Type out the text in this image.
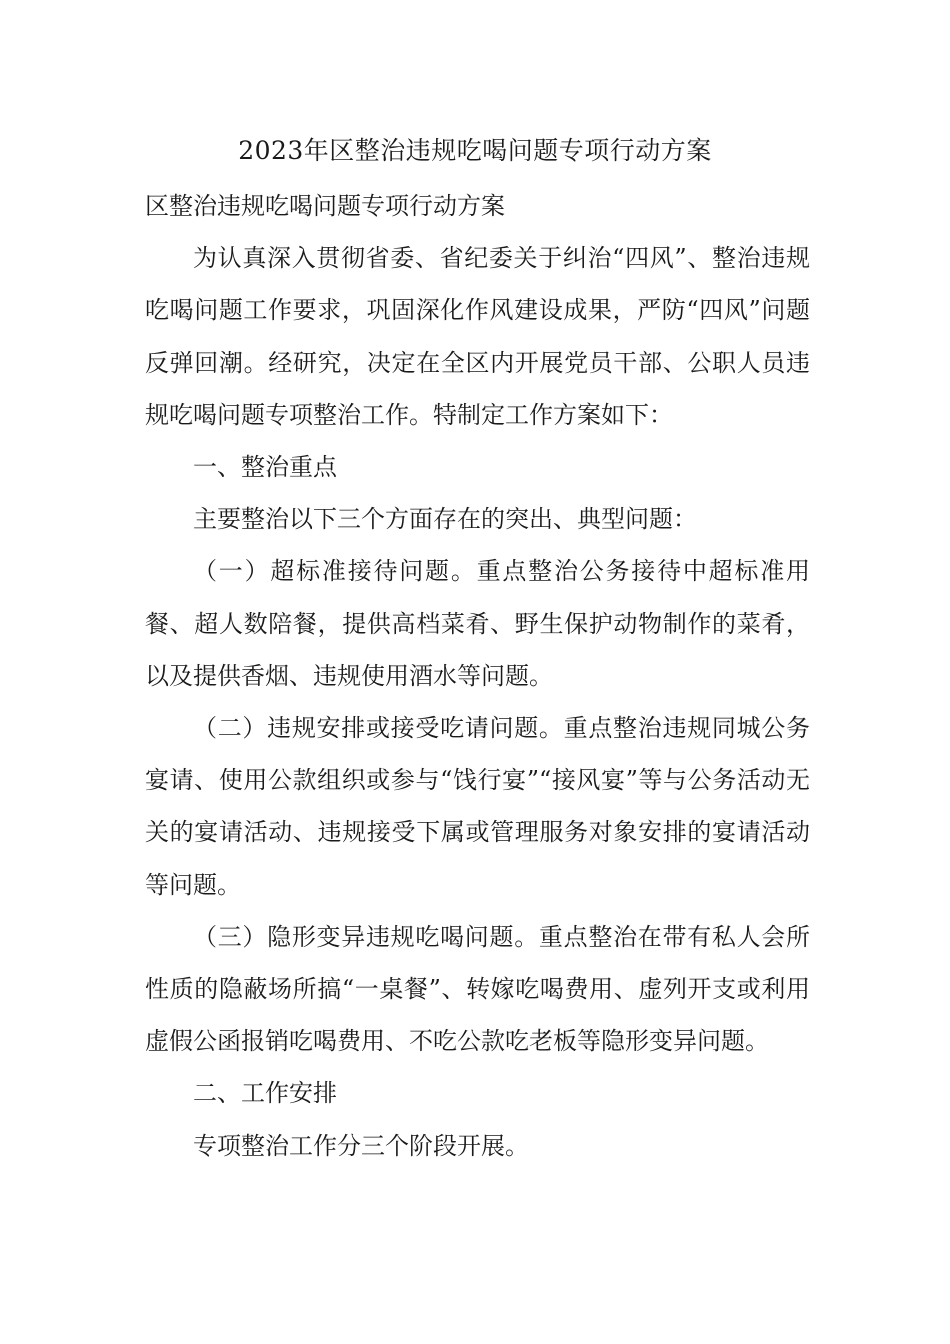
2023年区整治违规吃喝问题专项行动方案

区整治违规吃喝问题专项行动方案

为认真深入贯彻省委、省纪委关于纠治“四风”、整治违规吃喝问题工作要求，巩固深化作风建设成果，严防“四风”问题反弹回潮。经研究，决定在全区内开展党员干部、公职人员违规吃喝问题专项整治工作。特制定工作方案如下：

一、整治重点

主要整治以下三个方面存在的突出、典型问题：

（一）超标准接待问题。重点整治公务接待中超标准用餐、超人数陪餐，提供高档菜肴、野生保护动物制作的菜肴，以及提供香烟、违规使用酒水等问题。

（二）违规安排或接受吃请问题。重点整治违规同城公务宴请、使用公款组织或参与“饯行宴”“接风宴”等与公务活动无关的宴请活动、违规接受下属或管理服务对象安排的宴请活动等问题。

（三）隐形变异违规吃喝问题。重点整治在带有私人会所性质的隐蔽场所搞“一桌餐”、转嫁吃喝费用、虚列开支或利用虚假公函报销吃喝费用、不吃公款吃老板等隐形变异问题。

二、工作安排

专项整治工作分三个阶段开展。
